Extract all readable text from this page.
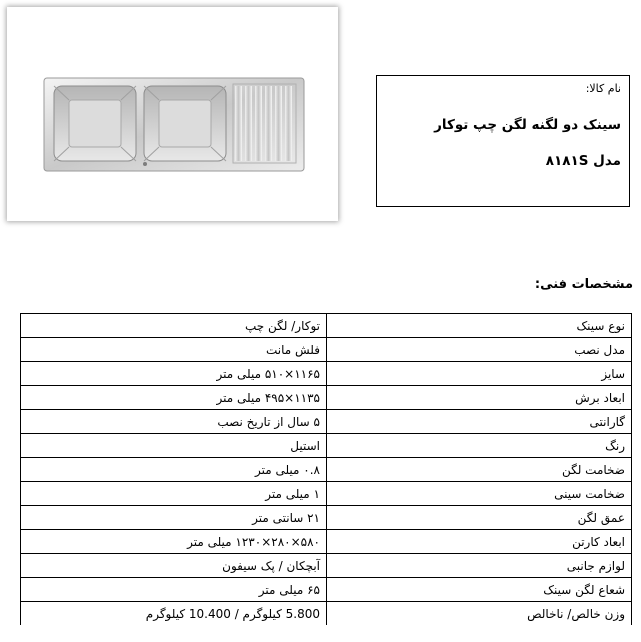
نام کالا:
سینک دو لگنه لگن چپ توکار
مدل ۸۱۸۱S
مشخصات فنی:
نوع سینک	توکار/ لگن چپ
مدل نصب	فلش مانت
سایز	۱۱۶۵×۵۱۰ میلی متر
ابعاد برش	۱۱۳۵×۴۹۵ میلی متر
گارانتی	۵ سال از تاریخ نصب
رنگ	استیل
ضخامت لگن	۰.۸ میلی متر
ضخامت سینی	۱ میلی متر
عمق لگن	۲۱ سانتی متر
ابعاد کارتن	۵۸۰×۲۸۰×۱۲۳۰ میلی متر
لوازم جانبی	آبچکان / پک سیفون
شعاع لگن سینک	۶۵ میلی متر
وزن خالص/ ناخالص	5.800 کیلوگرم / 10.400 کیلوگرم
